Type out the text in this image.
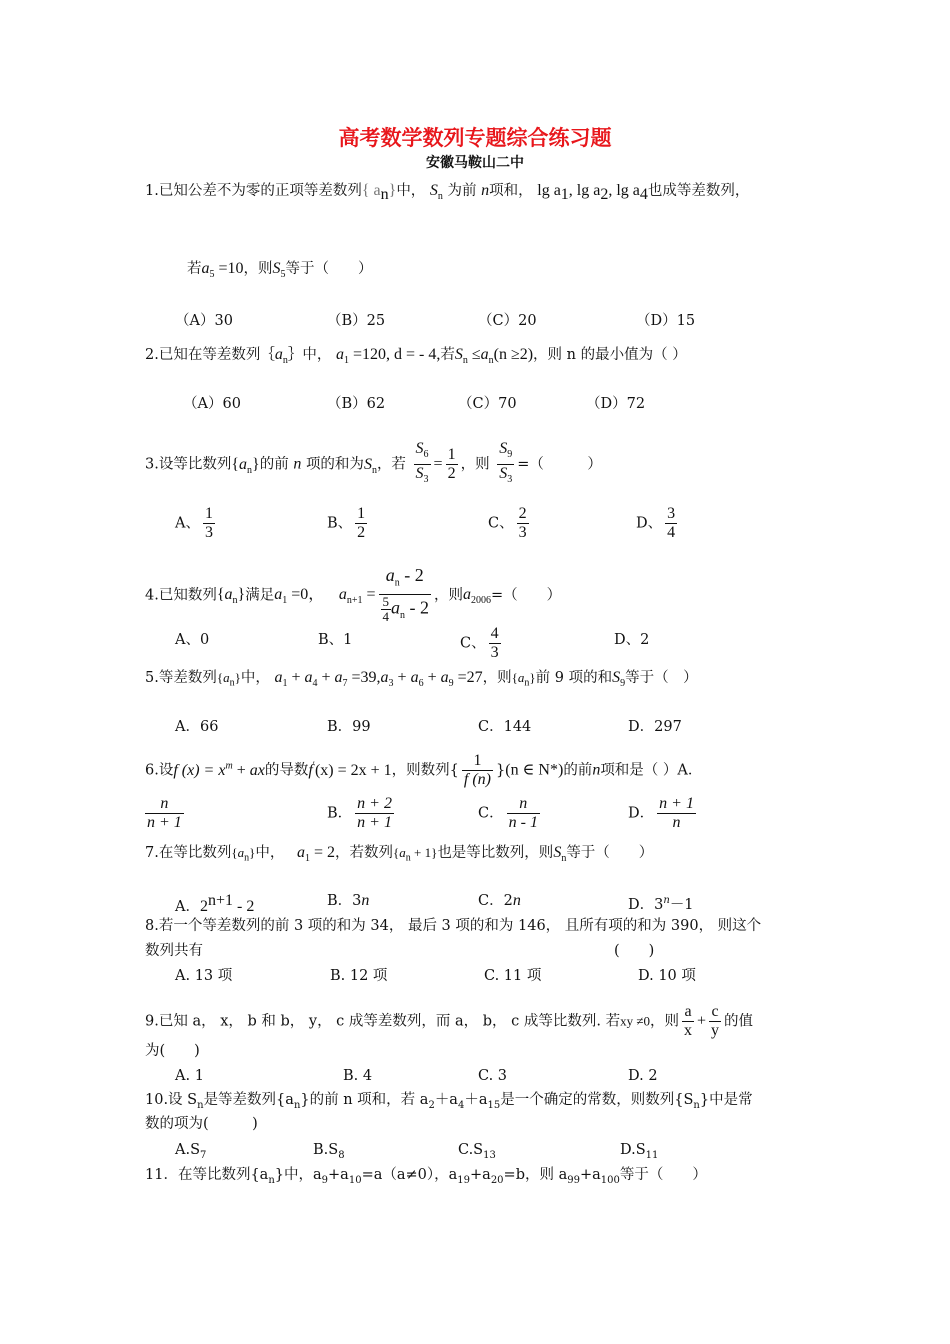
高考数学数列专题综合练习题
安徽马鞍山二中
1.已知公差不为零的正项等差数列{ $a_n$}中， $S_n$ 为前 n项和， $\lg a_1$, $\lg a_2$, $\lg a_4$也成等差数列，
若$a_5 =10$，则$S_5$等于（　　）
（A）30	（B）25	（C）20	（D）15
2.已知在等差数列$\{a_n\}$中， $a_1 =120$, d = - 4,若$S_n \le a_n(n \ge 2)$，则 n 的最小值为（ ）
（A）60	（B）62	（C）70	（D）72
3.设等比数列$\{a_n\}$的前 n 项的和为$S_n$，若 $\frac{S_6}{S_3} = \frac{1}{2}$ ，则 $\frac{S_9}{S_3}$ =（　　　）
A、 $\frac{1}{3}$	B、 $\frac{1}{2}$	C、 $\frac{2}{3}$	D、 $\frac{3}{4}$
4.已知数列$\{a_n\}$满足$a_1 =0$， $a_{n+1} = \frac{a_n - 2}{\frac{5}{4} a_n - 2}$ ，则$a_{2006}=$（　　）
A、0	B、1	C、 $\frac{4}{3}$	D、2
5.等差数列$\{a_n\}$中， $a_1 + a_4 + a_7 =39,a_3 + a_6 + a_9 =27$，则$\{a_n\}$前 9 项的和$S_9$等于（　）
A．66	B．99	C．144	D．297
6.设f $(x) = x^m$ + ax的导数f′(x) = 2x + 1，则数列{ $\frac{1}{f (n)} \}(n$ ∈ N*)的前n项和是（ ）A．
$\frac{n}{n + 1}$	B． $\frac{n + 2}{n + 1}$	C． $\frac{n}{n - 1}$	D． $\frac{n + 1}{n}$
7.在等比数列$\{a_n\}$中， $a_1 = 2$，若数列$\{a_n + 1\}$也是等比数列，则$S_n$等于（　　）
A．$2^{n+1} - 2$	B．3n	C．2n	D．$3^n-1$
8.若一个等差数列的前 3 项的和为 34， 最后 3 项的和为 146， 且所有项的和为 390， 则这个
数列共有	(　　)
A. 13 项	B. 12 项	C. 11 项	D. 10 项
9.已知 a， x， b 和 b， y， c 成等差数列，而 a， b， c 成等比数列. 若xy ≠0，则 $\frac{a}{x} + \frac{c}{y}$ 的值
为(　　)
A. 1	B. 4	C. 3	D. 2
10.设 $S_n$是等差数列$\{a_n\}$的前 n 项和，若 $a_2+a_4+a_{15}$是一个确定的常数，则数列$\{S_n\}$中是常
数的项为(　　　)
$A.S_7$	$B.S_8$	$C.S_{13}$	$D.S_{11}$
11．在等比数列$\{a_n\}$中，$a_9+a_{10}=a(a\ne 0)$，$a_{19}+a_{20}=b$，则 $a_{99}+a_{100}$等于（　　）
